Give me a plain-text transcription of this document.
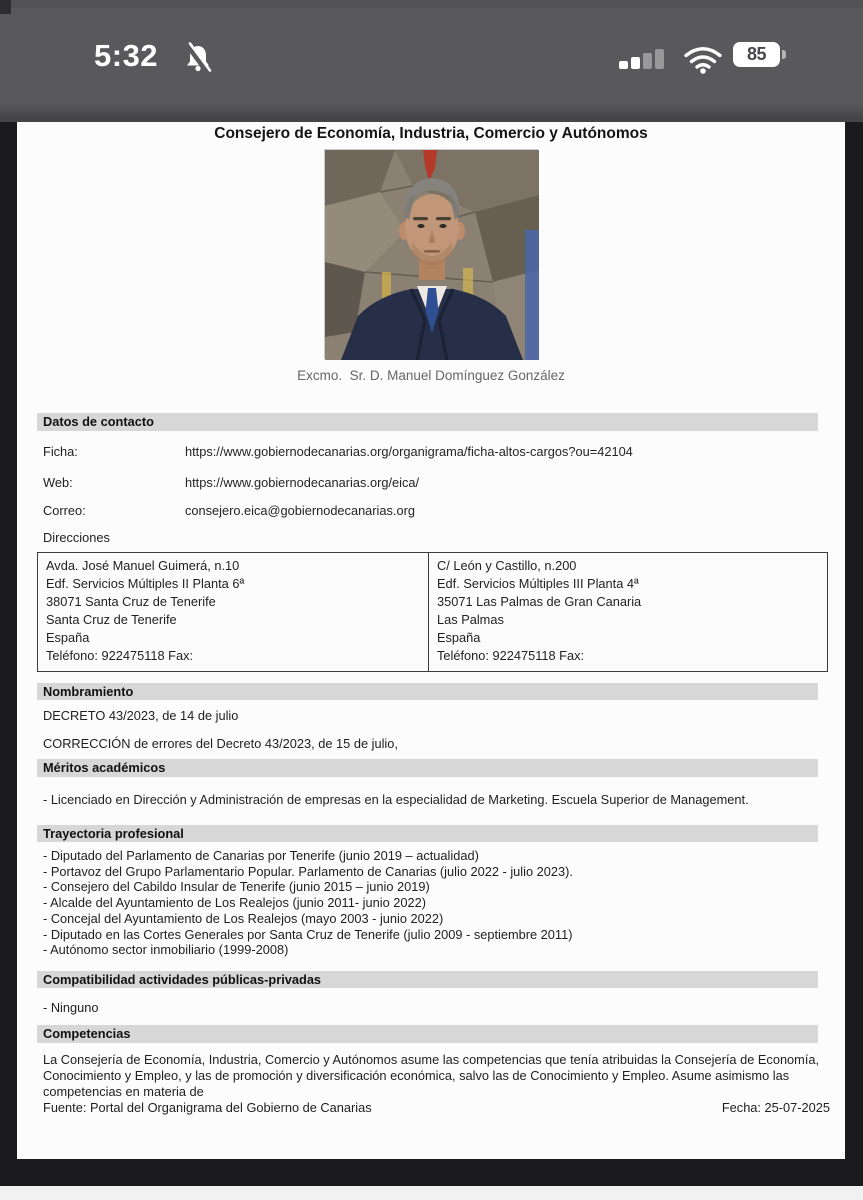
5:32	85
Consejero de Economía, Industria, Comercio y Autónomos
Excmo.  Sr. D. Manuel Domínguez González
Datos de contacto
Ficha:	https://www.gobiernodecanarias.org/organigrama/ficha-altos-cargos?ou=42104
Web:	https://www.gobiernodecanarias.org/eica/
Correo:	consejero.eica@gobiernodecanarias.org
Direcciones
Avda. José Manuel Guimerá, n.10
Edf. Servicios Múltiples II Planta 6ª
38071 Santa Cruz de Tenerife
Santa Cruz de Tenerife
España
Teléfono: 922475118 Fax:

C/ León y Castillo, n.200
Edf. Servicios Múltiples III Planta 4ª
35071 Las Palmas de Gran Canaria
Las Palmas
España
Teléfono: 922475118 Fax:
Nombramiento

DECRETO 43/2023, de 14 de julio

CORRECCIÓN de errores del Decreto 43/2023, de 15 de julio,

Méritos académicos

- Licenciado en Dirección y Administración de empresas en la especialidad de Marketing. Escuela Superior de Management.

Trayectoria profesional
- Diputado del Parlamento de Canarias por Tenerife (junio 2019 – actualidad)
- Portavoz del Grupo Parlamentario Popular. Parlamento de Canarias (julio 2022 - julio 2023).
- Consejero del Cabildo Insular de Tenerife (junio 2015 – junio 2019)
- Alcalde del Ayuntamiento de Los Realejos (junio 2011- junio 2022)
- Concejal del Ayuntamiento de Los Realejos (mayo 2003 - junio 2022)
- Diputado en las Cortes Generales por Santa Cruz de Tenerife (julio 2009 - septiembre 2011)
- Autónomo sector inmobiliario (1999-2008)
Compatibilidad actividades públicas-privadas

- Ninguno

Competencias

La Consejería de Economía, Industria, Comercio y Autónomos asume las competencias que tenía atribuidas la Consejería de Economía, Conocimiento y Empleo, y las de promoción y diversificación económica, salvo las de Conocimiento y Empleo. Asume asimismo las competencias en materia de

Fuente: Portal del Organigrama del Gobierno de Canarias	Fecha: 25-07-2025
